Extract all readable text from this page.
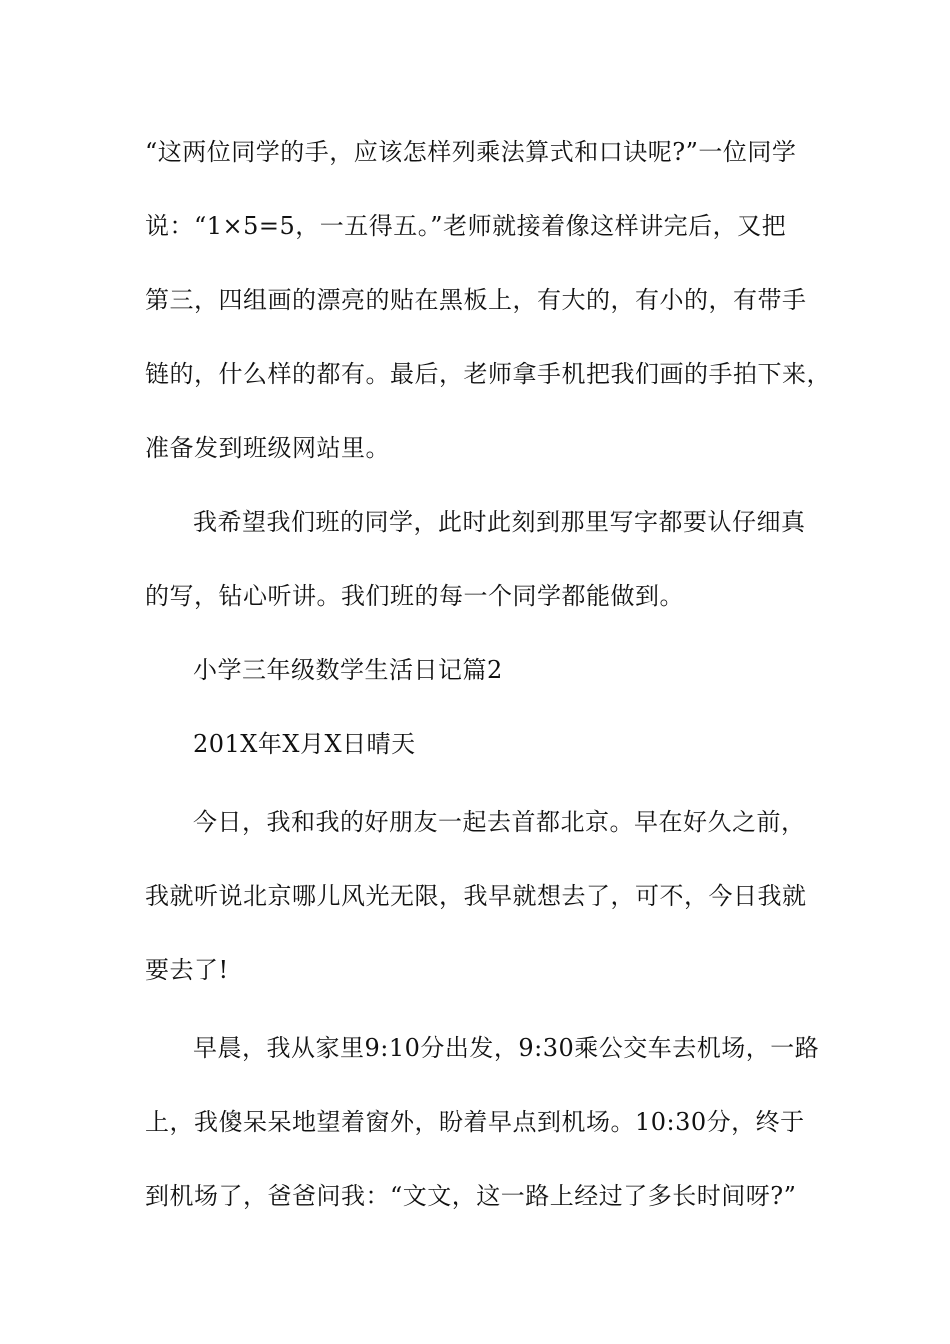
“这两位同学的手，应该怎样列乘法算式和口诀呢?”一位同学
说：“1×5=5，一五得五。”老师就接着像这样讲完后，又把
第三，四组画的漂亮的贴在黑板上，有大的，有小的，有带手
链的，什么样的都有。最后，老师拿手机把我们画的手拍下来，
准备发到班级网站里。
我希望我们班的同学，此时此刻到那里写字都要认仔细真
的写，钻心听讲。我们班的每一个同学都能做到。
小学三年级数学生活日记篇2
201X年X月X日晴天
今日，我和我的好朋友一起去首都北京。早在好久之前，
我就听说北京哪儿风光无限，我早就想去了，可不，今日我就
要去了!
早晨，我从家里9:10分出发，9:30乘公交车去机场，一路
上，我傻呆呆地望着窗外，盼着早点到机场。10:30分，终于
到机场了，爸爸问我：“文文，这一路上经过了多长时间呀?”
